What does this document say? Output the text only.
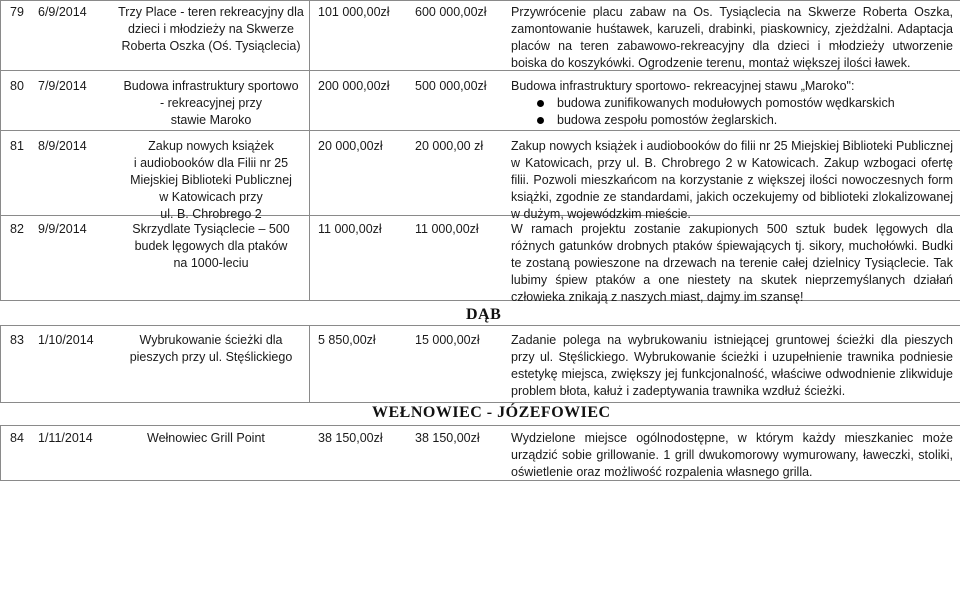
79 6/9/2014	Trzy Place - teren rekreacyjny dla
dzieci i młodzieży na Skwerze
Roberta Oszka (Oś. Tysiąclecia)
101 000,00zł 600 000,00zł Przywrócenie placu zabaw na Os. Tysiąclecia na Skwerze Roberta Oszka, zamontowanie huśtawek, karuzeli, drabinki, piaskownicy, zjeżdżalni. Adaptacja placów na teren zabawowo-rekreacyjny dla dzieci i młodzieży utworzenie boiska do koszykówki. Ogrodzenie terenu, montaż większej ilości ławek.
80 7/9/2014	Budowa infrastruktury sportowo
- rekreacyjnej przy
stawie Maroko
200 000,00zł 500 000,00zł Budowa infrastruktury sportowo- rekreacyjnej stawu „Maroko":
budowa zunifikowanych modułowych pomostów wędkarskich
budowa zespołu pomostów żeglarskich.
81 8/9/2014	Zakup nowych książek
i audiobooków dla Filii nr 25
Miejskiej Biblioteki Publicznej
w Katowicach przy
ul. B. Chrobrego 2
20 000,00zł	20 000,00 zł Zakup nowych książek i audiobooków do filii nr 25 Miejskiej Biblioteki Publicznej w Katowicach, przy ul. B. Chrobrego 2 w Katowicach. Zakup wzbogaci ofertę filii. Pozwoli mieszkańcom na korzystanie z większej ilości nowoczesnych form książki, zgodnie ze standardami, jakich oczekujemy od biblioteki zlokalizowanej w dużym, wojewódzkim mieście.
82 9/9/2014	Skrzydlate Tysiąclecie – 500
budek lęgowych dla ptaków
na 1000-leciu
11 000,00zł	11 000,00zł	W ramach projektu zostanie zakupionych 500 sztuk budek lęgowych dla różnych gatunków drobnych ptaków śpiewających tj. sikory, muchołówki. Budki te zostaną powieszone na drzewach na terenie całej dzielnicy Tysiąclecie. Tak lubimy śpiew ptaków a one niestety na skutek nieprzemyślanych działań człowieka znikają z naszych miast, dajmy im szansę!
DĄB
83 1/10/2014	Wybrukowanie ścieżki dla
pieszych przy ul. Stęślickiego
5 850,00zł	15 000,00zł	Zadanie polega na wybrukowaniu istniejącej gruntowej ścieżki dla pieszych przy ul. Stęślickiego. Wybrukowanie ścieżki i uzupełnienie trawnika podniesie estetykę miejsca, zwiększy jej funkcjonalność, właściwe odwodnienie zlikwiduje problem błota, kałuż i zadeptywania trawnika wzdłuż ścieżki.
WEŁNOWIEC - JÓZEFOWIEC
84 1/11/2014	Wełnowiec Grill Point	38 150,00zł	38 150,00zł	Wydzielone miejsce ogólnodostępne, w którym każdy mieszkaniec może urządzić sobie grillowanie. 1 grill dwukomorowy wymurowany, ławeczki, stoliki, oświetlenie oraz możliwość rozpalenia własnego grilla.
